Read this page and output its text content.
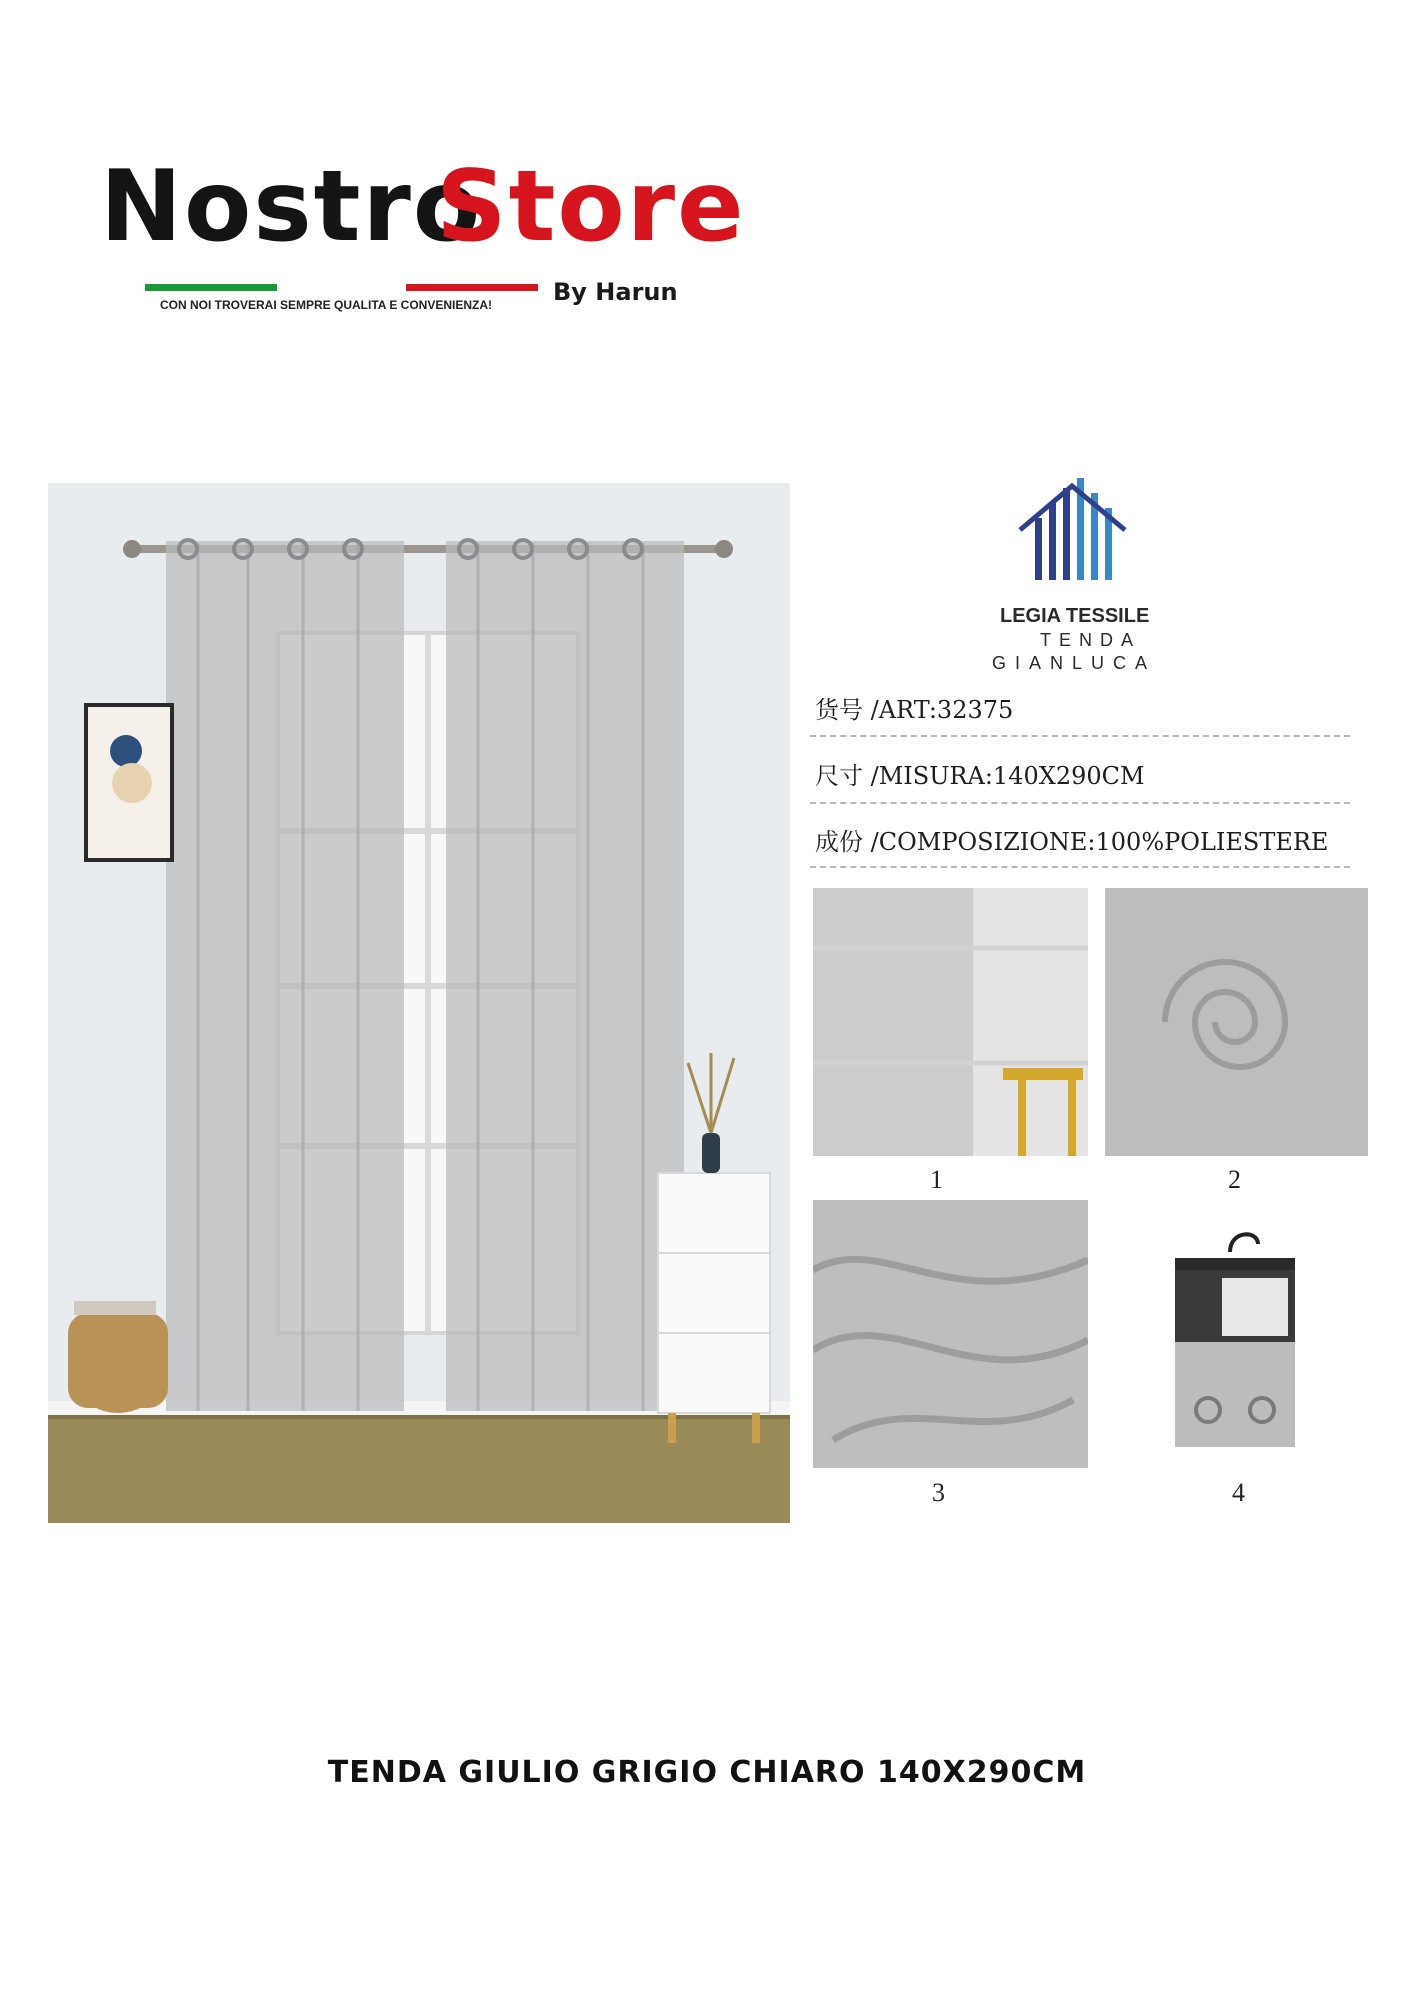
Nostro
Store
CON NOI TROVERAI SEMPRE QUALITA E CONVENIENZA!	By Harun
LEGIA TESSILE
TENDA
GIANLUCA
货号 /ART:32375
尺寸 /MISURA:140X290CM
成份 /COMPOSIZIONE:100%POLIESTERE
1	2
3	4
TENDA GIULIO GRIGIO CHIARO 140X290CM
